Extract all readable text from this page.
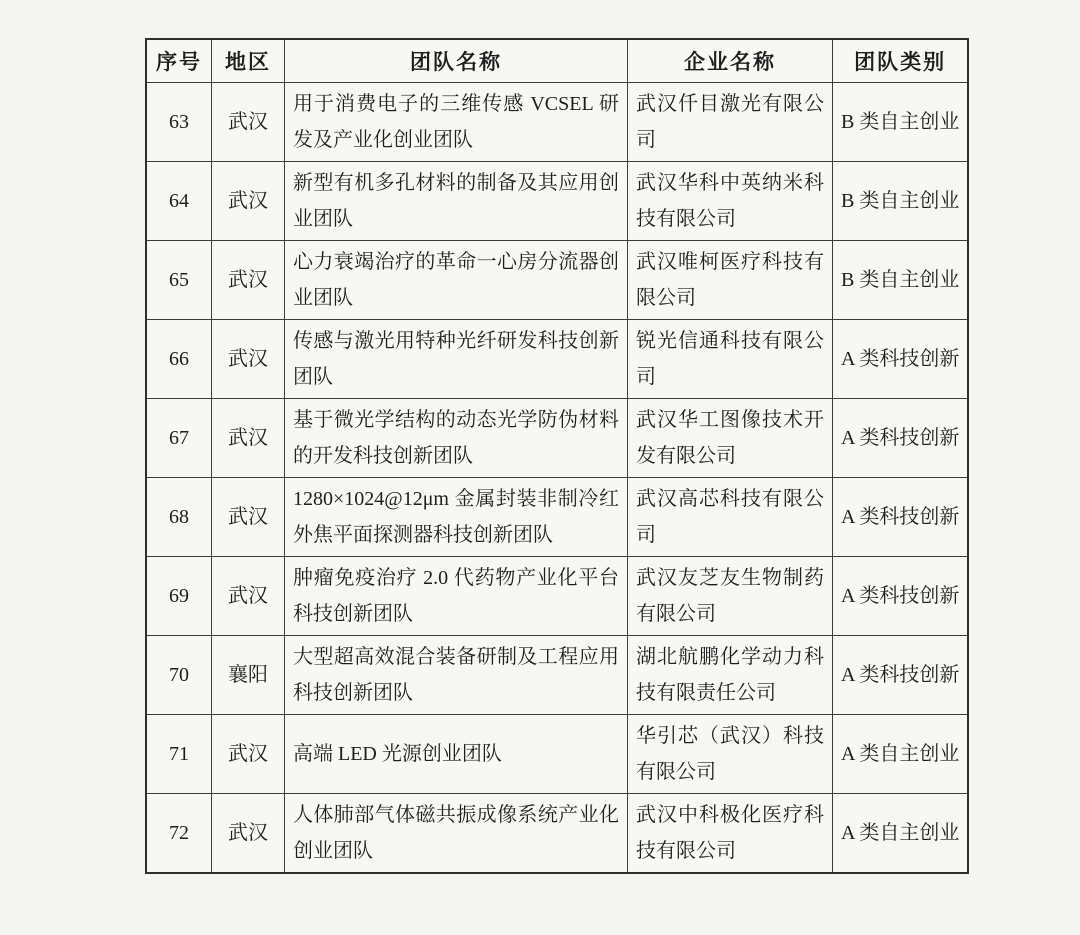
序号	地区	团队名称	企业名称	团队类别
63	武汉	用于消费电子的三维传感 VCSEL 研发及产业化创业团队	武汉仟目激光有限公司	B 类自主创业
64	武汉	新型有机多孔材料的制备及其应用创业团队	武汉华科中英纳米科技有限公司	B 类自主创业
65	武汉	心力衰竭治疗的革命一心房分流器创业团队	武汉唯柯医疗科技有限公司	B 类自主创业
66	武汉	传感与激光用特种光纤研发科技创新团队	锐光信通科技有限公司	A 类科技创新
67	武汉	基于微光学结构的动态光学防伪材料的开发科技创新团队	武汉华工图像技术开发有限公司	A 类科技创新
68	武汉	1280×1024@12μm 金属封装非制冷红外焦平面探测器科技创新团队	武汉高芯科技有限公司	A 类科技创新
69	武汉	肿瘤免疫治疗 2.0 代药物产业化平台科技创新团队	武汉友芝友生物制药有限公司	A 类科技创新
70	襄阳	大型超高效混合装备研制及工程应用科技创新团队	湖北航鹏化学动力科技有限责任公司	A 类科技创新
71	武汉	高端 LED 光源创业团队	华引芯（武汉）科技有限公司	A 类自主创业
72	武汉	人体肺部气体磁共振成像系统产业化创业团队	武汉中科极化医疗科技有限公司	A 类自主创业
